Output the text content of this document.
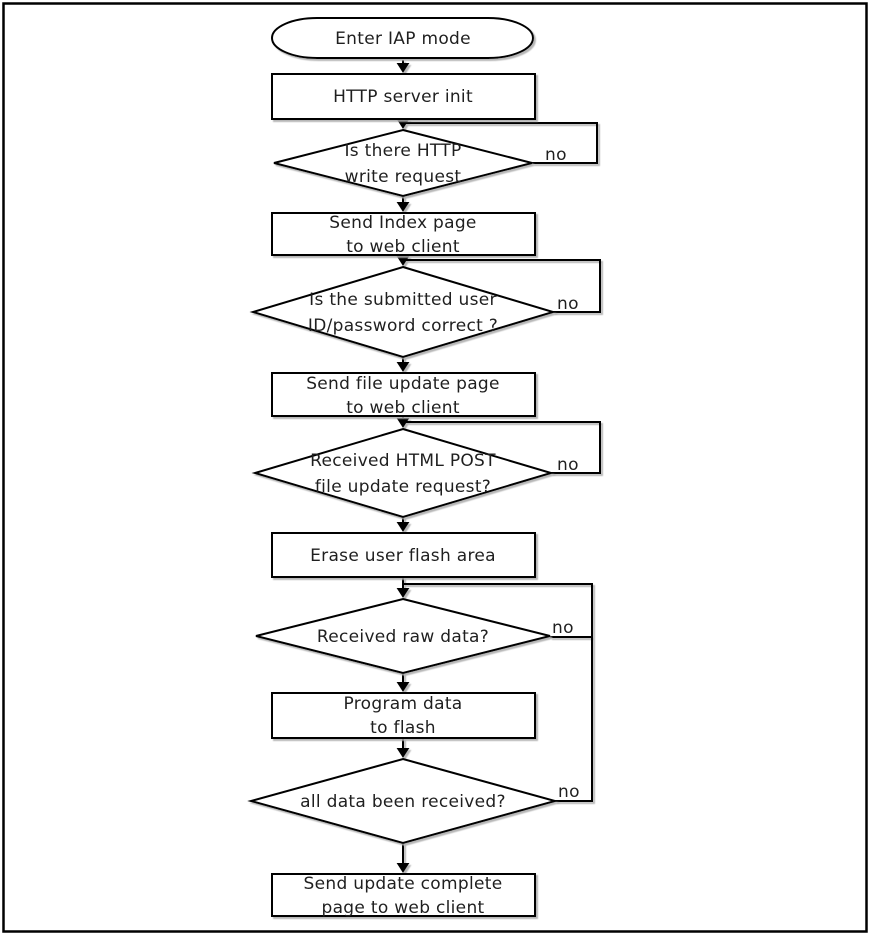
Enter IAP mode
HTTP server init
Is there HTTP
write request
Send Index page
to web client
Is the submitted user
ID/password correct ?
Send file update page
to web client
Received HTML POST
file update request?
Erase user flash area
Received raw data?
Program data
to flash
all data been received?
Send update complete
page to web client
no
no
no
no
no
